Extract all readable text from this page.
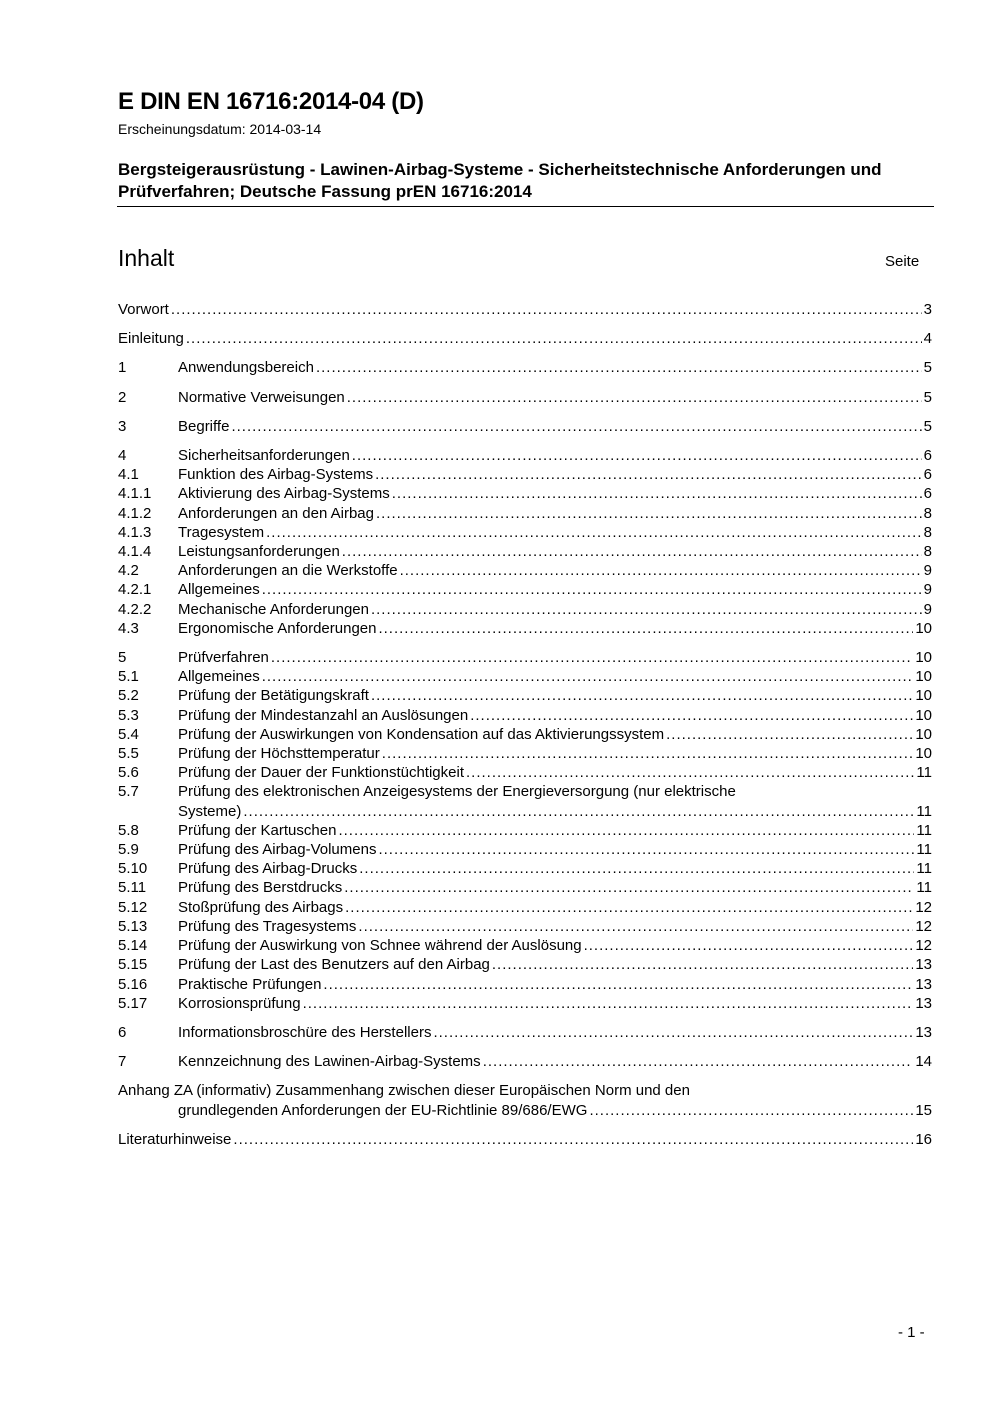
E DIN EN 16716:2014-04 (D)
Erscheinungsdatum: 2014-03-14
Bergsteigerausrüstung - Lawinen-Airbag-Systeme - Sicherheitstechnische Anforderungen und Prüfverfahren; Deutsche Fassung prEN 16716:2014
Inhalt	Seite
Vorwort .....	3
Einleitung .....	4
1	Anwendungsbereich .....	5
2	Normative Verweisungen .....	5
3	Begriffe .....	5
4	Sicherheitsanforderungen .....	6
4.1	Funktion des Airbag-Systems .....	6
4.1.1	Aktivierung des Airbag-Systems .....	6
4.1.2	Anforderungen an den Airbag .....	8
4.1.3	Tragesystem .....	8
4.1.4	Leistungsanforderungen .....	8
4.2	Anforderungen an die Werkstoffe .....	9
4.2.1	Allgemeines .....	9
4.2.2	Mechanische Anforderungen .....	9
4.3	Ergonomische Anforderungen .....	10
5	Prüfverfahren .....	10
5.1	Allgemeines .....	10
5.2	Prüfung der Betätigungskraft .....	10
5.3	Prüfung der Mindestanzahl an Auslösungen .....	10
5.4	Prüfung der Auswirkungen von Kondensation auf das Aktivierungssystem .....	10
5.5	Prüfung der Höchsttemperatur .....	10
5.6	Prüfung der Dauer der Funktionstüchtigkeit .....	11
5.7	Prüfung des elektronischen Anzeigesystems der Energieversorgung (nur elektrische
Systeme) .....	11
5.8	Prüfung der Kartuschen .....	11
5.9	Prüfung des Airbag-Volumens .....	11
5.10	Prüfung des Airbag-Drucks .....	11
5.11	Prüfung des Berstdrucks .....	11
5.12	Stoßprüfung des Airbags .....	12
5.13	Prüfung des Tragesystems .....	12
5.14	Prüfung der Auswirkung von Schnee während der Auslösung .....	12
5.15	Prüfung der Last des Benutzers auf den Airbag .....	13
5.16	Praktische Prüfungen .....	13
5.17	Korrosionsprüfung .....	13
6	Informationsbroschüre des Herstellers .....	13
7	Kennzeichnung des Lawinen-Airbag-Systems .....	14
Anhang ZA (informativ) Zusammenhang zwischen dieser Europäischen Norm und den
grundlegenden Anforderungen der EU-Richtlinie 89/686/EWG .....	15
Literaturhinweise .....	16
- 1 -
